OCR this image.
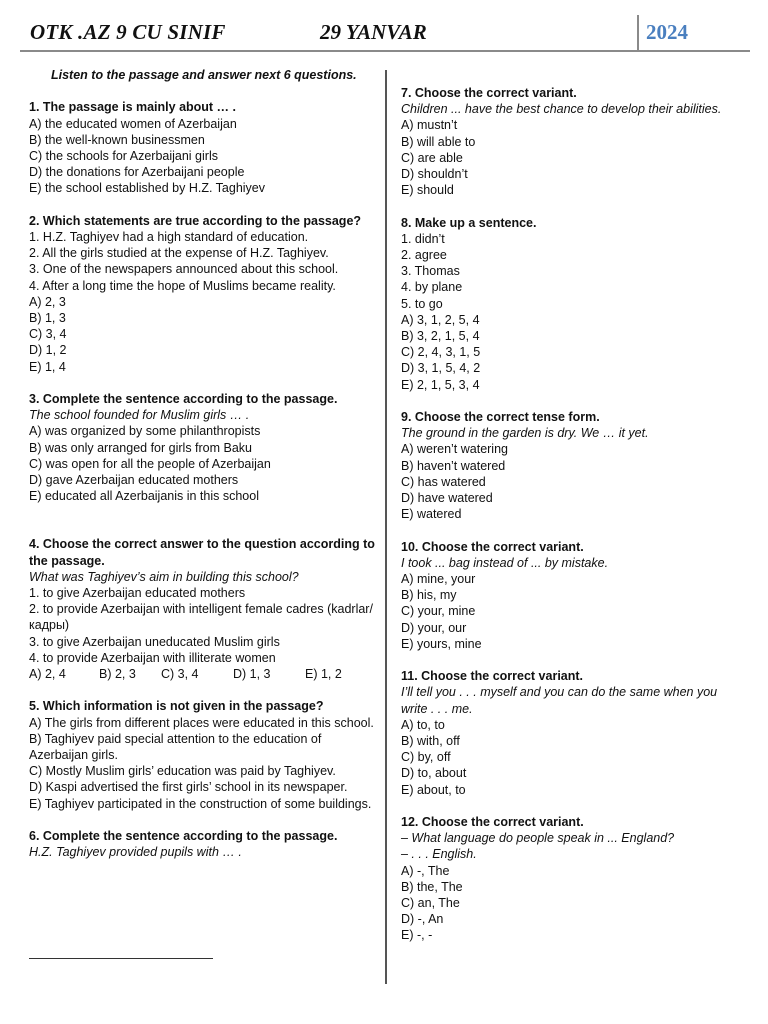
OTK .AZ 9 CU SINIF	29 YANVAR	2024
Listen to the passage and answer next 6 questions.
1. The passage is mainly about … .
A) the educated women of Azerbaijan
B) the well-known businessmen
C) the schools for Azerbaijani girls
D) the donations for Azerbaijani people
E) the school established by H.Z. Taghiyev
2. Which statements are true according to the passage?
1. H.Z. Taghiyev had a high standard of education.
2. All the girls studied at the expense of H.Z. Taghiyev.
3. One of the newspapers announced about this school.
4. After a long time the hope of Muslims became reality.
A) 2, 3
B) 1, 3
C) 3, 4
D) 1, 2
E) 1, 4
3. Complete the sentence according to the passage.
The school founded for Muslim girls … .
A) was organized by some philanthropists
B) was only arranged for girls from Baku
C) was open for all the people of Azerbaijan
D) gave Azerbaijan educated mothers
E) educated all Azerbaijanis in this school
4. Choose the correct answer to the question according to the passage.
What was Taghiyev’s aim in building this school?
1. to give Azerbaijan educated mothers
2. to provide Azerbaijan with intelligent female cadres (kadrlar/кадры)
3. to give Azerbaijan uneducated Muslim girls
4. to provide Azerbaijan with illiterate women
A) 2, 4	B) 2, 3 C) 3, 4	D) 1, 3	E) 1, 2
5. Which information is not given in the passage?
A) The girls from different places were educated in this school.
B) Taghiyev paid special attention to the education of Azerbaijan girls.
C) Mostly Muslim girls’ education was paid by Taghiyev.
D) Kaspi advertised the first girls’ school in its newspaper.
E) Taghiyev participated in the construction of some buildings.
6. Complete the sentence according to the passage.
H.Z. Taghiyev provided pupils with … .
7. Choose the correct variant.
Children ... have the best chance to develop their abilities.
A) mustn’t
B) will able to
C) are able
D) shouldn’t
E) should
8. Make up a sentence.
1. didn’t
2. agree
3. Thomas
4. by plane
5. to go
A) 3, 1, 2, 5, 4
B) 3, 2, 1, 5, 4
C) 2, 4, 3, 1, 5
D) 3, 1, 5, 4, 2
E) 2, 1, 5, 3, 4
9. Choose the correct tense form.
The ground in the garden is dry. We … it yet.
A) weren’t watering
B) haven’t watered
C) has watered
D) have watered
E) watered
10. Choose the correct variant.
I took ... bag instead of ... by mistake.
A) mine, your
B) his, my
C) your, mine
D) your, our
E) yours, mine
11. Choose the correct variant.
I’ll tell you . . . myself and you can do the same when you
write . . . me.
A) to, to
B) with, off
C) by, off
D) to, about
E) about, to
12. Choose the correct variant.
– What language do people speak in ... England?
– . . . English.
A) -, The
B) the, The
C) an, The
D) -, An
E) -, -
